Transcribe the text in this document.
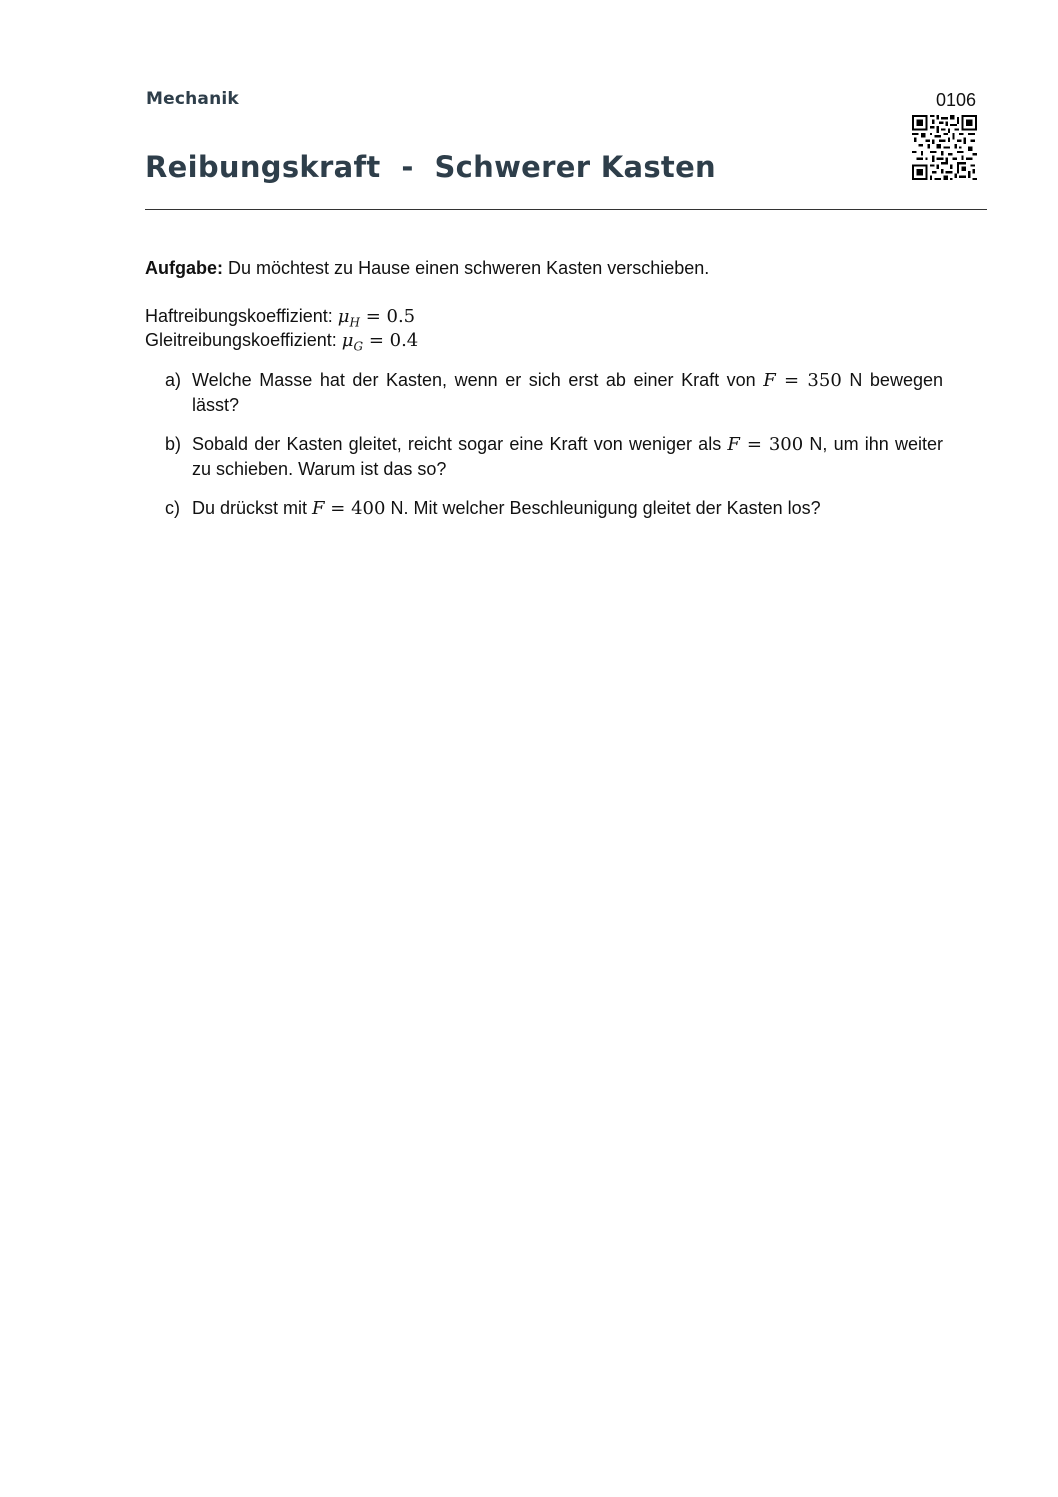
Mechanik
Reibungskraft  -  Schwerer Kasten
0106
Aufgabe: Du möchtest zu Hause einen schweren Kasten verschieben.
Haftreibungskoeffizient: $\mu_H = 0.5$
Gleitreibungskoeffizient: $\mu_G = 0.4$
a) Welche Masse hat der Kasten, wenn er sich erst ab einer Kraft von F = 350 N bewegen lässt?
b) Sobald der Kasten gleitet, reicht sogar eine Kraft von weniger als F = 300 N, um ihn weiter zu schieben. Warum ist das so?
c) Du drückst mit F = 400 N. Mit welcher Beschleunigung gleitet der Kasten los?
